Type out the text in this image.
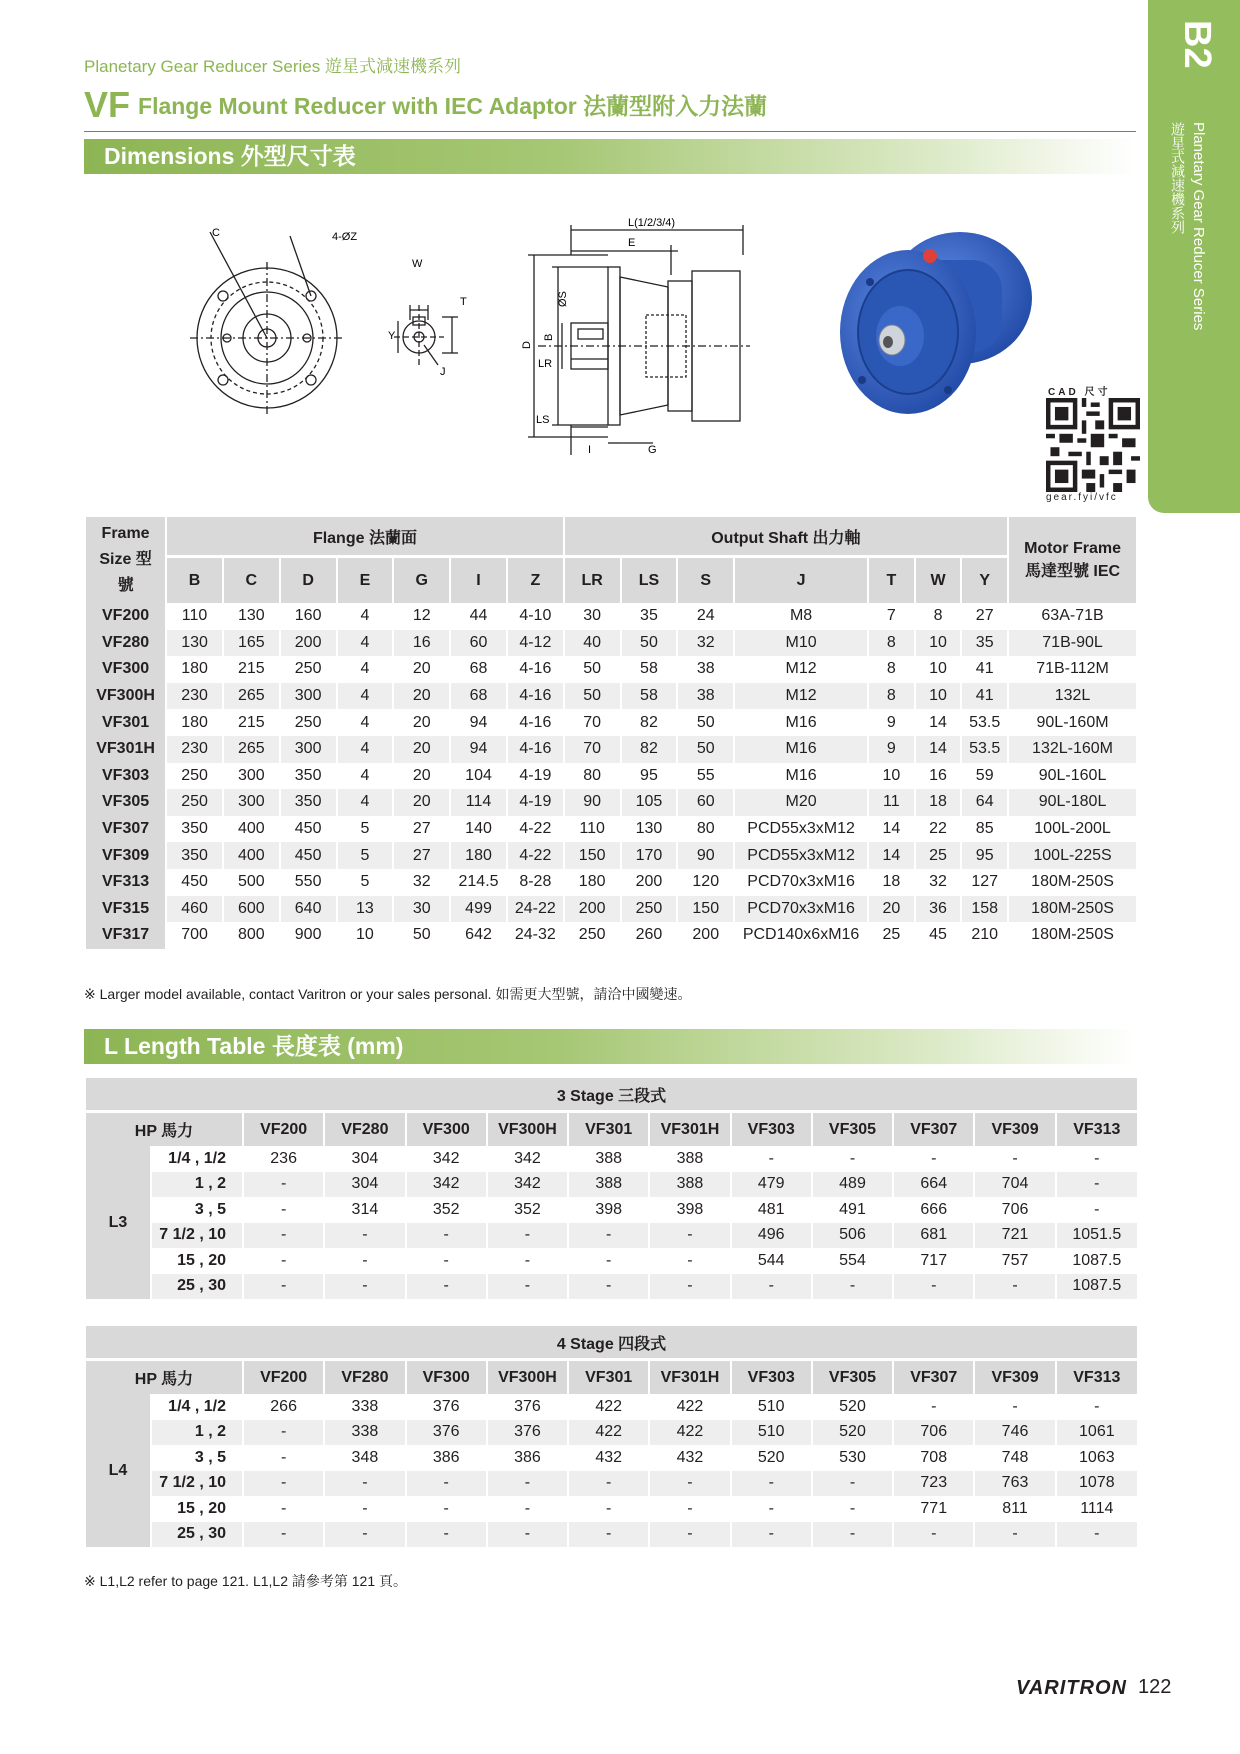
Planetary Gear Reducer Series 遊星式減速機系列
VF Flange Mount Reducer with IEC Adaptor 法蘭型附入力法蘭
B2
Planetary Gear Reducer Series
遊星式減速機系列
Dimensions 外型尺寸表
C	4-ØZ
W
T
Y
J
L(1/2/3/4)
E
D
B
ØS
LR
LS
I	G
CAD 尺寸
gear.fyi/vfc
Frame Size 型號	Flange 法蘭面							Output Shaft 出力軸							Motor Frame 馬達型號 IEC
	B	C	D	E	G	I	Z	LR	LS	S	J	T	W	Y	
VF200	110	130	160	4	12	44	4-10	30	35	24	M8	7	8	27	63A-71B
VF280	130	165	200	4	16	60	4-12	40	50	32	M10	8	10	35	71B-90L
VF300	180	215	250	4	20	68	4-16	50	58	38	M12	8	10	41	71B-112M
VF300H	230	265	300	4	20	68	4-16	50	58	38	M12	8	10	41	132L
VF301	180	215	250	4	20	94	4-16	70	82	50	M16	9	14	53.5	90L-160M
VF301H	230	265	300	4	20	94	4-16	70	82	50	M16	9	14	53.5	132L-160M
VF303	250	300	350	4	20	104	4-19	80	95	55	M16	10	16	59	90L-160L
VF305	250	300	350	4	20	114	4-19	90	105	60	M20	11	18	64	90L-180L
VF307	350	400	450	5	27	140	4-22	110	130	80	PCD55x3xM12	14	22	85	100L-200L
VF309	350	400	450	5	27	180	4-22	150	170	90	PCD55x3xM12	14	25	95	100L-225S
VF313	450	500	550	5	32	214.5	8-28	180	200	120	PCD70x3xM16	18	32	127	180M-250S
VF315	460	600	640	13	30	499	24-22	200	250	150	PCD70x3xM16	20	36	158	180M-250S
VF317	700	800	900	10	50	642	24-32	250	260	200	PCD140x6xM16	25	45	210	180M-250S
※ Larger model available, contact Varitron or your sales personal. 如需更大型號，請洽中國變速。
L Length Table 長度表 (mm)
3 Stage 三段式												
HP 馬力		VF200	VF280	VF300	VF300H	VF301	VF301H	VF303	VF305	VF307	VF309	VF313
L3	1/4 , 1/2	236	304	342	342	388	388	-	-	-	-	-
	1 , 2	-	304	342	342	388	388	479	489	664	704	-
	3 , 5	-	314	352	352	398	398	481	491	666	706	-
	7 1/2 , 10	-	-	-	-	-	-	496	506	681	721	1051.5
	15 , 20	-	-	-	-	-	-	544	554	717	757	1087.5
	25 , 30	-	-	-	-	-	-	-	-	-	-	1087.5
4 Stage 四段式												
HP 馬力		VF200	VF280	VF300	VF300H	VF301	VF301H	VF303	VF305	VF307	VF309	VF313
L4	1/4 , 1/2	266	338	376	376	422	422	510	520	-	-	-
	1 , 2	-	338	376	376	422	422	510	520	706	746	1061
	3 , 5	-	348	386	386	432	432	520	530	708	748	1063
	7 1/2 , 10	-	-	-	-	-	-	-	-	723	763	1078
	15 , 20	-	-	-	-	-	-	-	-	771	811	1114
	25 , 30	-	-	-	-	-	-	-	-	-	-	-
※ L1,L2 refer to page 121. L1,L2 請參考第 121 頁。
VARITRON 122
